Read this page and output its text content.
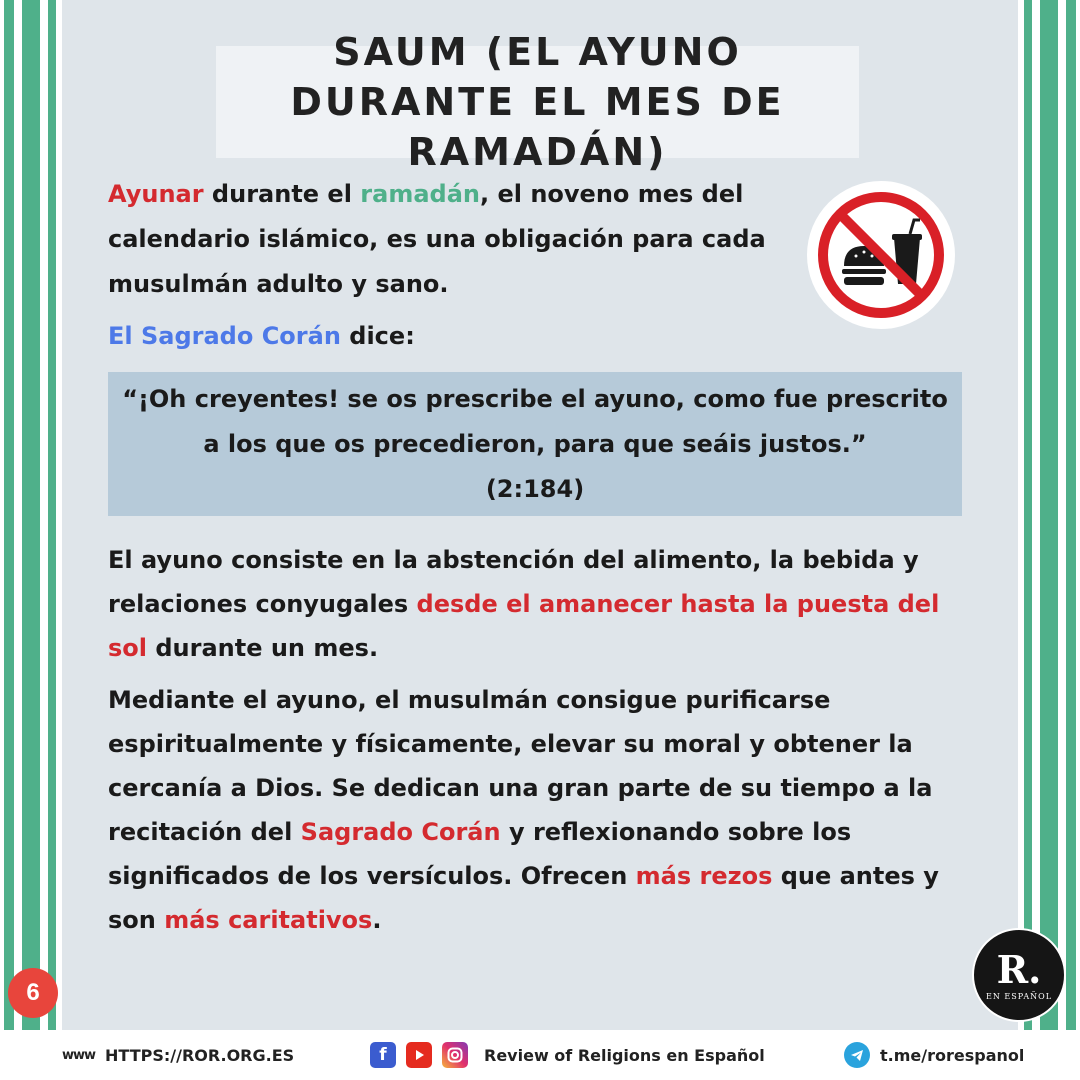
SAUM (EL AYUNO DURANTE EL MES DE RAMADÁN)

Ayunar durante el ramadán, el noveno mes del calendario islámico, es una obligación para cada musulmán adulto y sano.

El Sagrado Corán dice:

“¡Oh creyentes! se os prescribe el ayuno, como fue prescrito a los que os precedieron, para que seáis justos.”
(2:184)

El ayuno consiste en la abstención del alimento, la bebida y relaciones conyugales desde el amanecer hasta la puesta del sol durante un mes.

Mediante el ayuno, el musulmán consigue purificarse espiritualmente y físicamente, elevar su moral y obtener la cercanía a Dios. Se dedican una gran parte de su tiempo a la recitación del Sagrado Corán y reflexionando sobre los significados de los versículos. Ofrecen más rezos que antes y son más caritativos.

6
R.
EN ESPAÑOL
www HTTPS://ROR.ORG.ES	f	Review of Religions en Español	t.me/rorespanol
